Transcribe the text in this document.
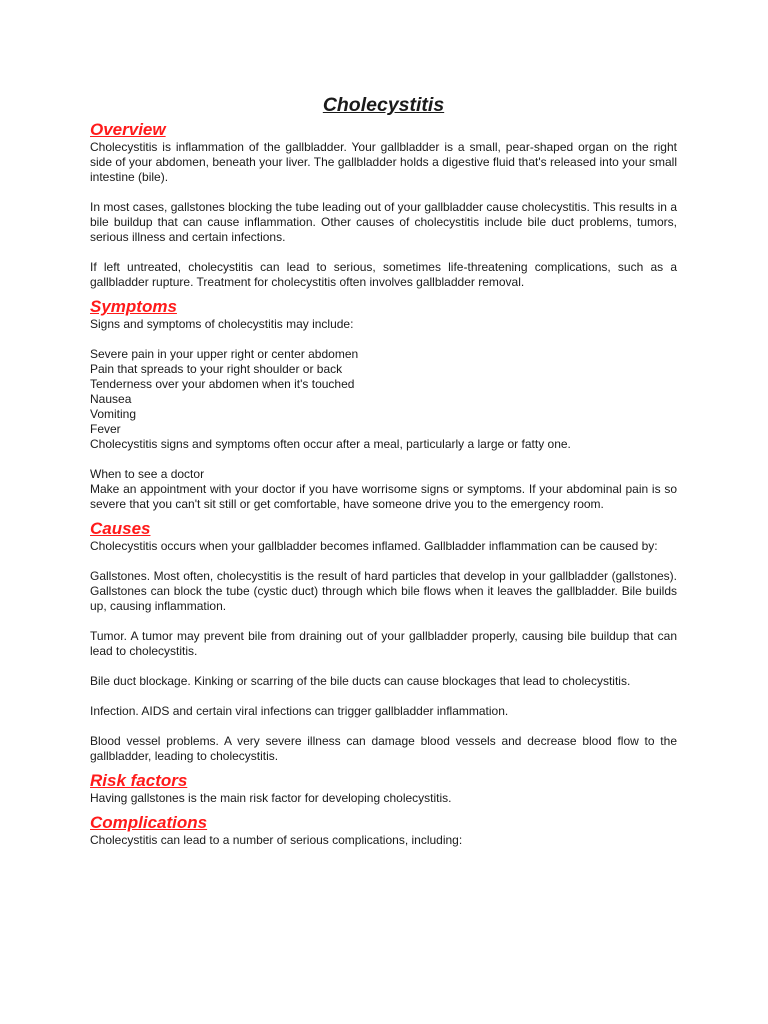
Cholecystitis
Overview

Cholecystitis is inflammation of the gallbladder. Your gallbladder is a small, pear-shaped organ on the right side of your abdomen, beneath your liver. The gallbladder holds a digestive fluid that's released into your small intestine (bile).

In most cases, gallstones blocking the tube leading out of your gallbladder cause cholecystitis. This results in a bile buildup that can cause inflammation. Other causes of cholecystitis include bile duct problems, tumors, serious illness and certain infections.

If left untreated, cholecystitis can lead to serious, sometimes life-threatening complications, such as a gallbladder rupture. Treatment for cholecystitis often involves gallbladder removal.

Symptoms

Signs and symptoms of cholecystitis may include:

Severe pain in your upper right or center abdomen

Pain that spreads to your right shoulder or back

Tenderness over your abdomen when it's touched

Nausea

Vomiting

Fever

Cholecystitis signs and symptoms often occur after a meal, particularly a large or fatty one.

When to see a doctor

Make an appointment with your doctor if you have worrisome signs or symptoms. If your abdominal pain is so severe that you can't sit still or get comfortable, have someone drive you to the emergency room.

Causes

Cholecystitis occurs when your gallbladder becomes inflamed. Gallbladder inflammation can be caused by:

Gallstones. Most often, cholecystitis is the result of hard particles that develop in your gallbladder (gallstones). Gallstones can block the tube (cystic duct) through which bile flows when it leaves the gallbladder. Bile builds up, causing inflammation.

Tumor. A tumor may prevent bile from draining out of your gallbladder properly, causing bile buildup that can lead to cholecystitis.

Bile duct blockage. Kinking or scarring of the bile ducts can cause blockages that lead to cholecystitis.

Infection. AIDS and certain viral infections can trigger gallbladder inflammation.

Blood vessel problems. A very severe illness can damage blood vessels and decrease blood flow to the gallbladder, leading to cholecystitis.

Risk factors

Having gallstones is the main risk factor for developing cholecystitis.

Complications

Cholecystitis can lead to a number of serious complications, including:
